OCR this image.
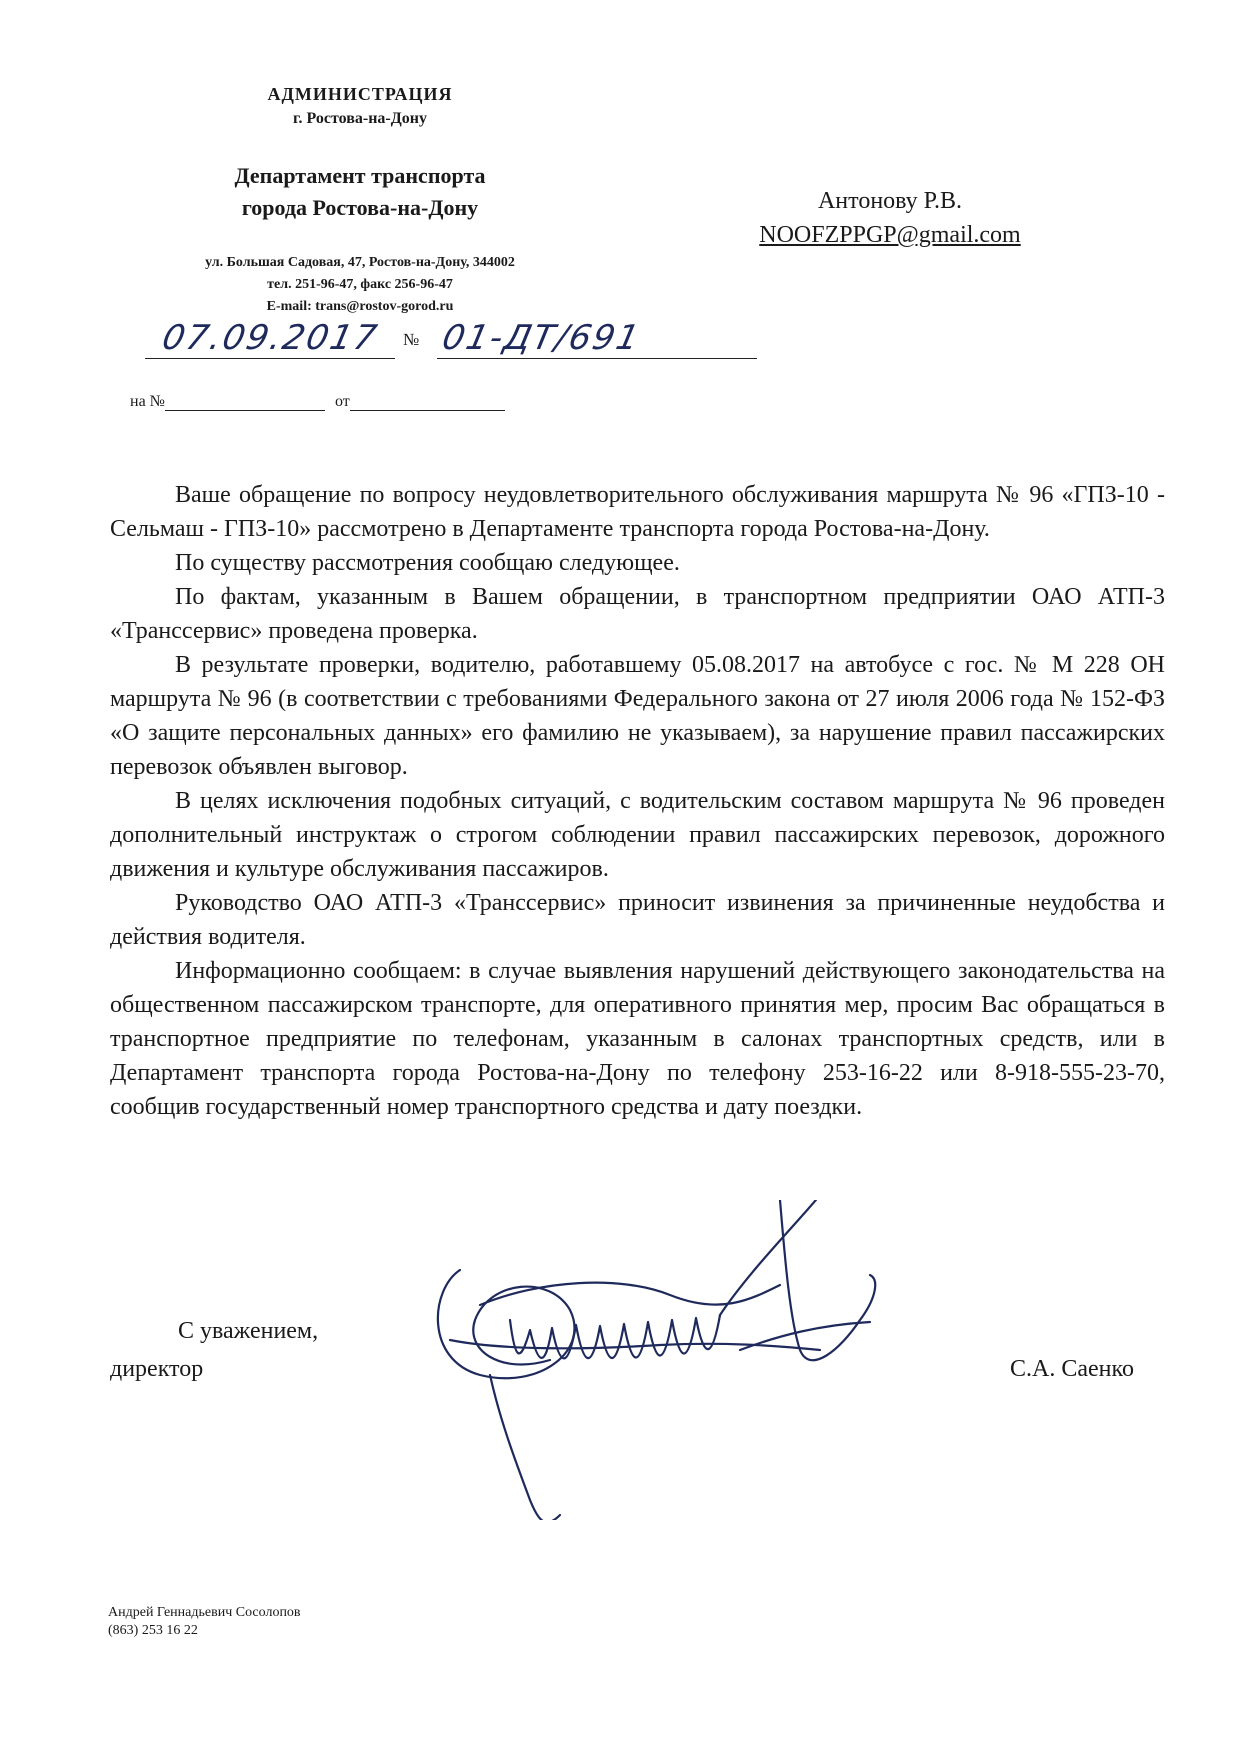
АДМИНИСТРАЦИЯ
г. Ростова-на-Дону
Департамент транспорта
города Ростова-на-Дону
ул. Большая Садовая, 47, Ростов-на-Дону, 344002
тел. 251-96-47, факс 256-96-47
E-mail: trans@rostov-gorod.ru
Антонову Р.В.
NOOFZPPGP@gmail.com
07.09.2017 № 01-ДТ/691
на №	от

Ваше обращение по вопросу неудовлетворительного обслуживания маршрута № 96 «ГПЗ-10 - Сельмаш - ГПЗ-10» рассмотрено в Департаменте транспорта города Ростова-на-Дону.

По существу рассмотрения сообщаю следующее.

По фактам, указанным в Вашем обращении, в транспортном предприятии ОАО АТП-3 «Транссервис» проведена проверка.

В результате проверки, водителю, работавшему 05.08.2017 на автобусе с гос. № М 228 ОН маршрута № 96 (в соответствии с требованиями Федерального закона от 27 июля 2006 года № 152-ФЗ «О защите персональных данных» его фамилию не указываем), за нарушение правил пассажирских перевозок объявлен выговор.

В целях исключения подобных ситуаций, с водительским составом маршрута № 96 проведен дополнительный инструктаж о строгом соблюдении правил пассажирских перевозок, дорожного движения и культуре обслуживания пассажиров.

Руководство ОАО АТП-3 «Транссервис» приносит извинения за причиненные неудобства и действия водителя.

Информационно сообщаем: в случае выявления нарушений действующего законодательства на общественном пассажирском транспорте, для оперативного принятия мер, просим Вас обращаться в транспортное предприятие по телефонам, указанным в салонах транспортных средств, или в Департамент транспорта города Ростова-на-Дону по телефону 253-16-22 или 8-918-555-23-70, сообщив государственный номер транспортного средства и дату поездки.

С уважением,
директор	С.А. Саенко
Андрей Геннадьевич Сосолопов
(863) 253 16 22
